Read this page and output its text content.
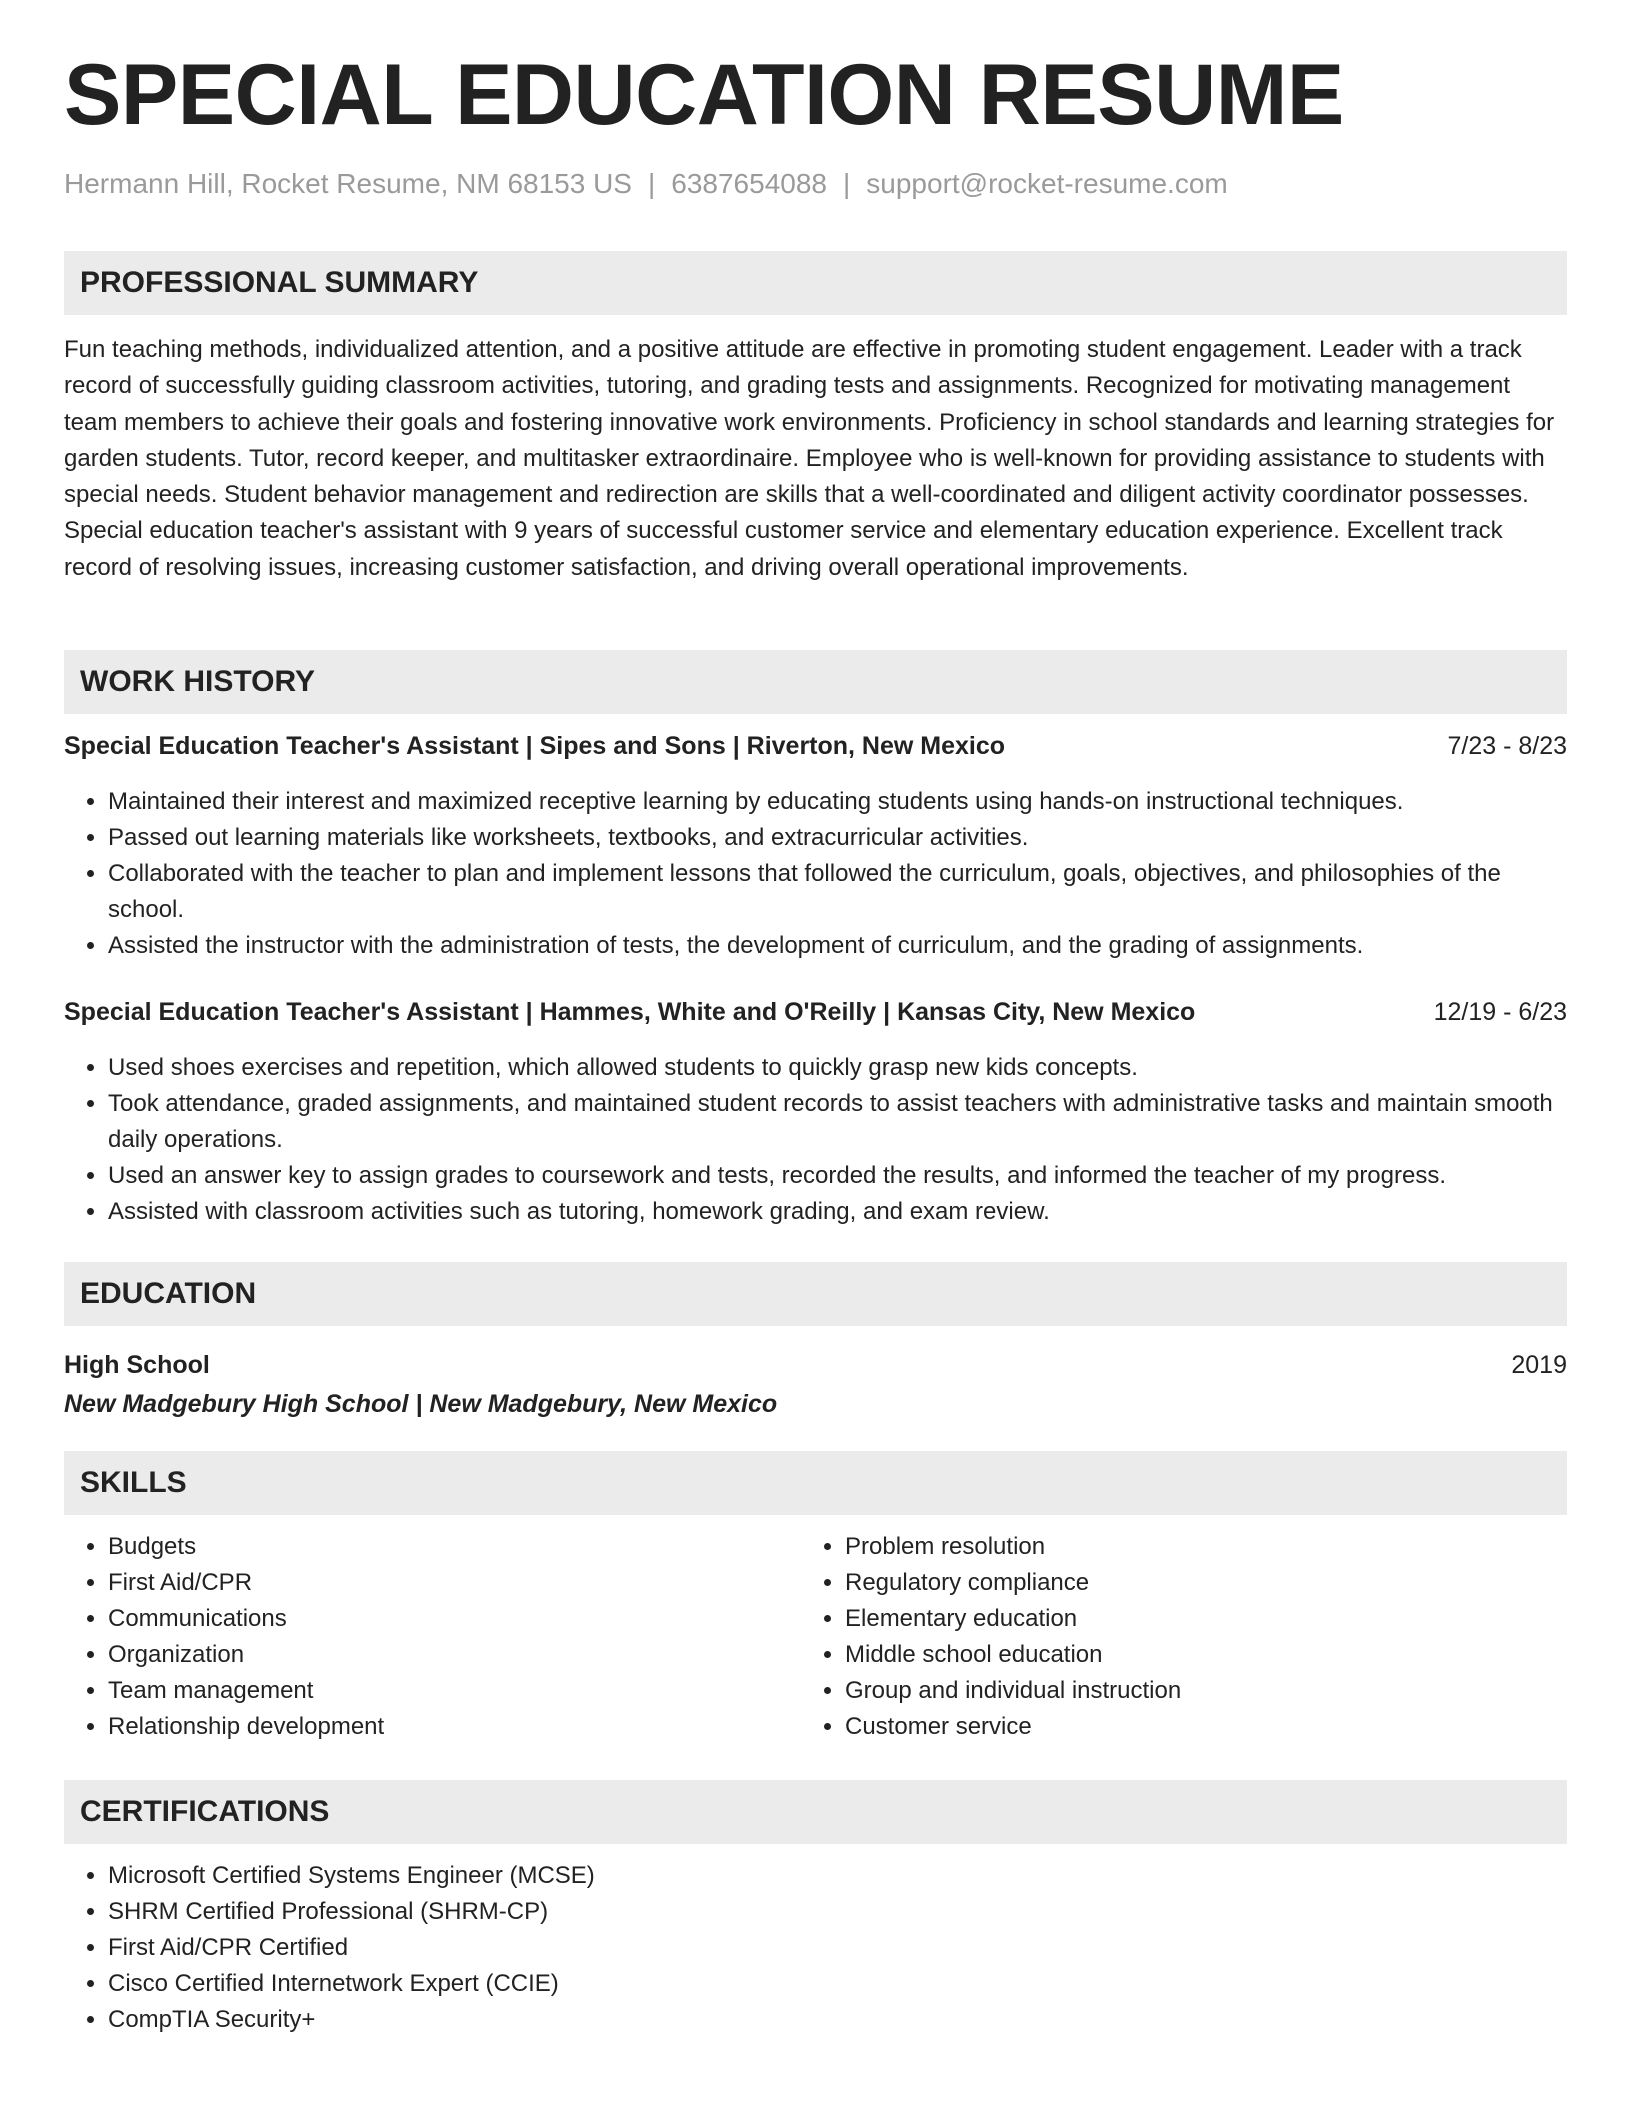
SPECIAL EDUCATION RESUME
Hermann Hill, Rocket Resume, NM 68153 US | 6387654088 | support@rocket-resume.com
PROFESSIONAL SUMMARY

Fun teaching methods, individualized attention, and a positive attitude are effective in promoting student engagement. Leader with a track record of successfully guiding classroom activities, tutoring, and grading tests and assignments. Recognized for motivating management team members to achieve their goals and fostering innovative work environments. Proficiency in school standards and learning strategies for garden students. Tutor, record keeper, and multitasker extraordinaire. Employee who is well-known for providing assistance to students with special needs. Student behavior management and redirection are skills that a well-coordinated and diligent activity coordinator possesses. Special education teacher's assistant with 9 years of successful customer service and elementary education experience. Excellent track record of resolving issues, increasing customer satisfaction, and driving overall operational improvements.

WORK HISTORY
Special Education Teacher's Assistant | Sipes and Sons | Riverton, New Mexico	7/23 - 8/23
• Maintained their interest and maximized receptive learning by educating students using hands-on instructional techniques.
• Passed out learning materials like worksheets, textbooks, and extracurricular activities.
• Collaborated with the teacher to plan and implement lessons that followed the curriculum, goals, objectives, and philosophies of the school.
• Assisted the instructor with the administration of tests, the development of curriculum, and the grading of assignments.
Special Education Teacher's Assistant | Hammes, White and O'Reilly | Kansas City, New Mexico	12/19 - 6/23
• Used shoes exercises and repetition, which allowed students to quickly grasp new kids concepts.
• Took attendance, graded assignments, and maintained student records to assist teachers with administrative tasks and maintain smooth daily operations.
• Used an answer key to assign grades to coursework and tests, recorded the results, and informed the teacher of my progress.
• Assisted with classroom activities such as tutoring, homework grading, and exam review.
EDUCATION
High School	2019
New Madgebury High School | New Madgebury, New Mexico
SKILLS
• Budgets
• First Aid/CPR
• Communications
• Organization
• Team management
• Relationship development
• Problem resolution
• Regulatory compliance
• Elementary education
• Middle school education
• Group and individual instruction
• Customer service
CERTIFICATIONS
• Microsoft Certified Systems Engineer (MCSE)
• SHRM Certified Professional (SHRM-CP)
• First Aid/CPR Certified
• Cisco Certified Internetwork Expert (CCIE)
• CompTIA Security+
